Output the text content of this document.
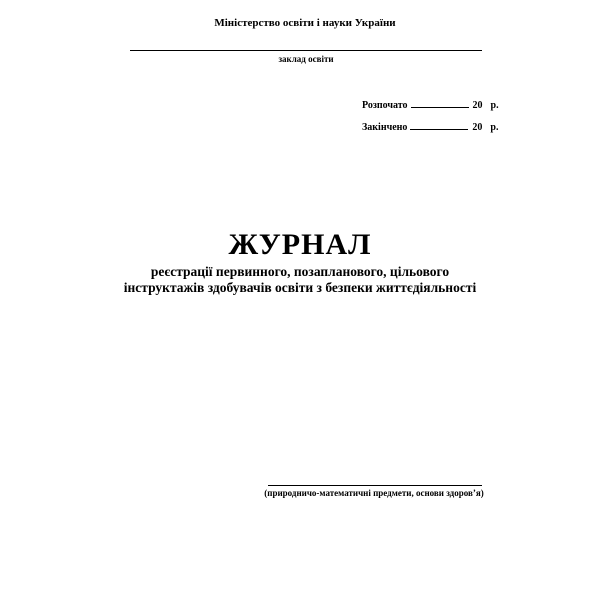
Міністерство освіти і науки України
заклад освіти
Розпочато	20 р.
Закінчено	20 р.
ЖУРНАЛ
реєстрації первинного, позапланового, цільового
інструктажів здобувачів освіти з безпеки життєдіяльності
(природничо-математичні предмети, основи здоров’я)
